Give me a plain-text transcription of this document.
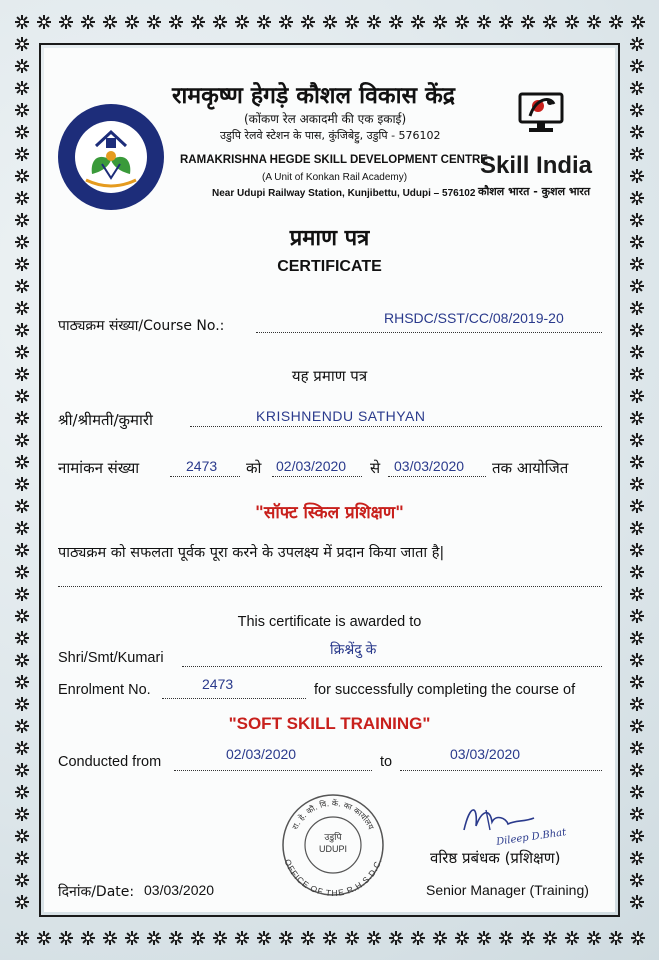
रामकृष्ण हेगड़े कौशल विकास केंद्र
(कोंकण रेल अकादमी की एक इकाई)
उडुपि रेलवे स्टेशन के पास, कुंजिबेट्टु, उडुपि - 576102
RAMAKRISHNA HEGDE SKILL DEVELOPMENT CENTRE
(A Unit of Konkan Rail Academy)
Near Udupi Railway Station, Kunjibettu, Udupi – 576102
Skill India
कौशल भारत - कुशल भारत
प्रमाण पत्र
CERTIFICATE
पाठ्यक्रम संख्या/Course No.:	RHSDC/SST/CC/08/2019-20
यह प्रमाण पत्र
श्री/श्रीमती/कुमारी	KRISHNENDU SATHYAN
नामांकन संख्या	2473 को 02/03/2020 से 03/03/2020 तक आयोजित
"सॉफ्ट स्किल प्रशिक्षण"
पाठ्यक्रम को सफलता पूर्वक पूरा करने के उपलक्ष्य में प्रदान किया जाता है|
This certificate is awarded to
Shri/Smt/Kumari
क्रिश्नेंदु के
Enrolment No.	2473	for successfully completing the course of
"SOFT SKILL TRAINING"
Conducted from	02/03/2020	to	03/03/2020
रा. हे. कौ. वि. कें. का कार्यालय
OFFICE OF THE R.H.S.D.C.
उडुपि
UDUPI
Dileep D.Bhat
वरिष्ठ प्रबंधक (प्रशिक्षण)
Senior Manager (Training)
दिनांक/Date: 03/03/2020
